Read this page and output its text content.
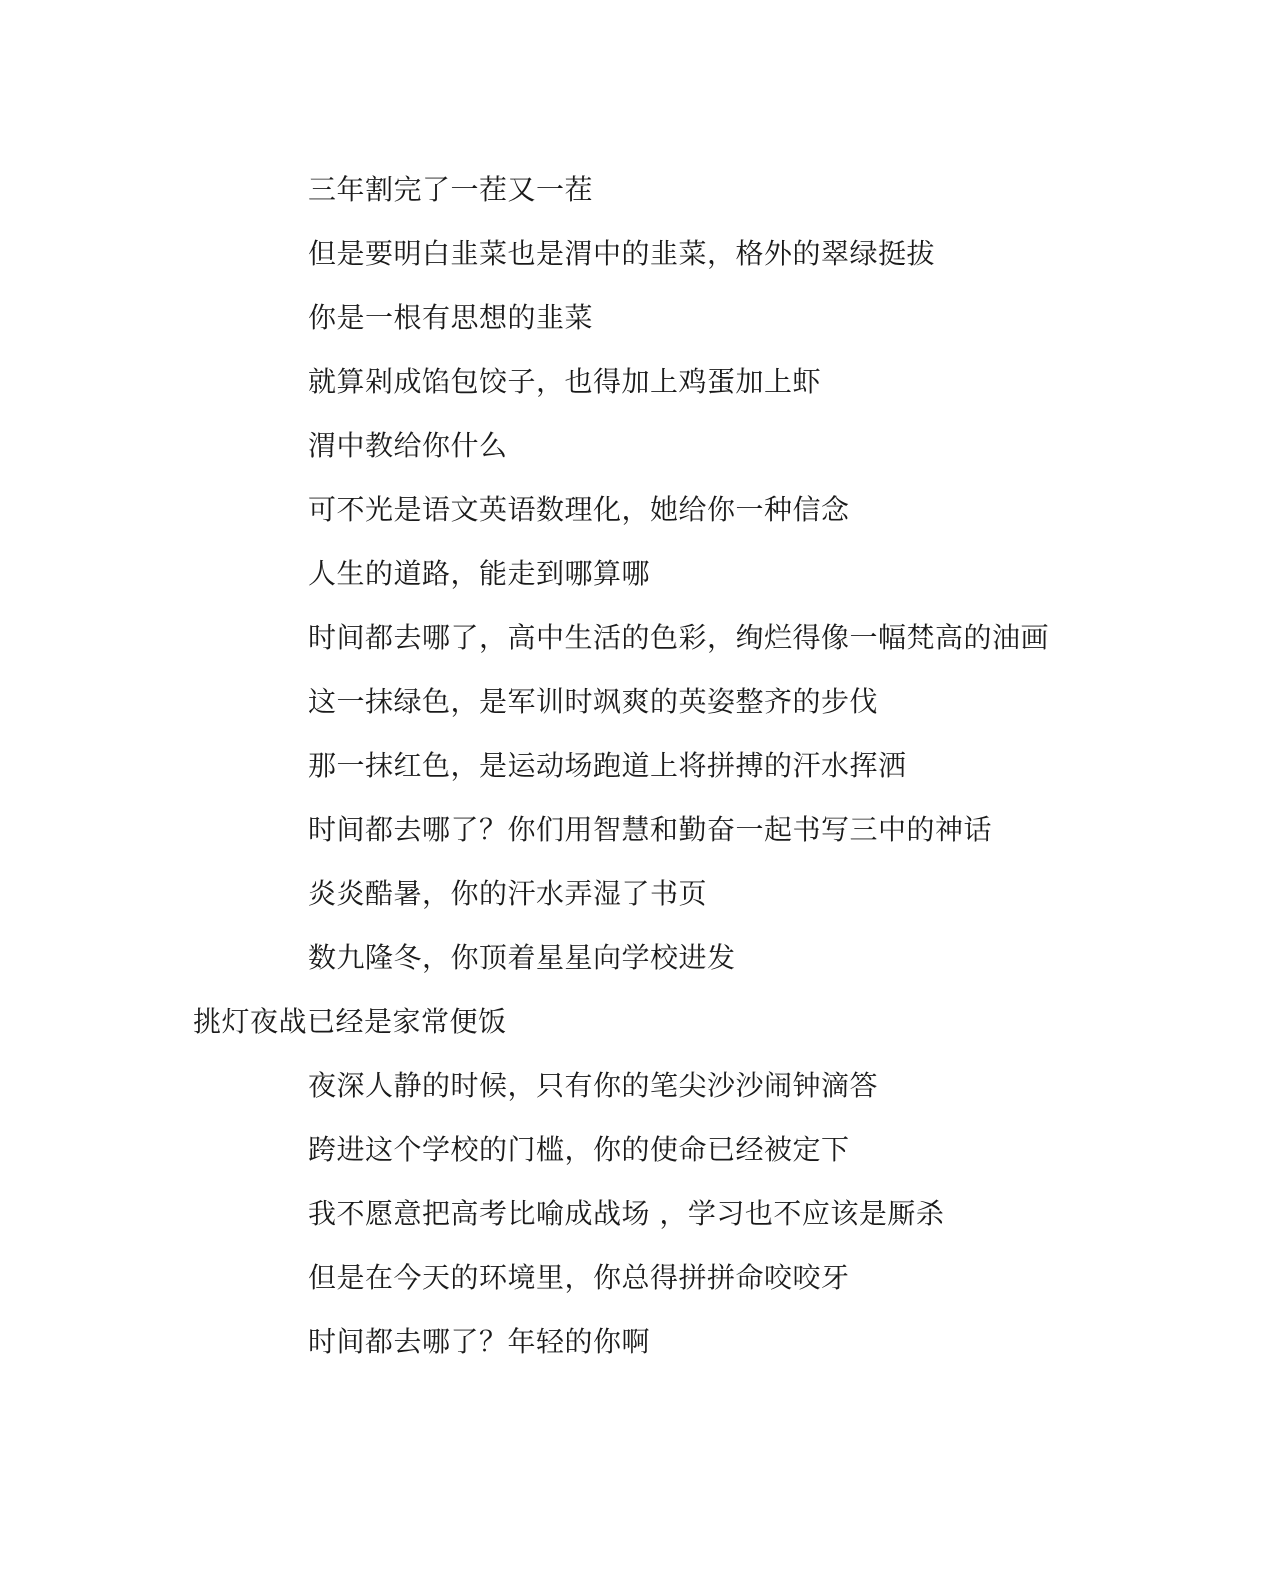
三年割完了一茬又一茬
但是要明白韭菜也是渭中的韭菜，格外的翠绿挺拔
你是一根有思想的韭菜
就算剁成馅包饺子，也得加上鸡蛋加上虾
渭中教给你什么
可不光是语文英语数理化，她给你一种信念
人生的道路，能走到哪算哪
时间都去哪了，高中生活的色彩，绚烂得像一幅梵高的油画
这一抹绿色，是军训时飒爽的英姿整齐的步伐
那一抹红色，是运动场跑道上将拼搏的汗水挥洒
时间都去哪了？你们用智慧和勤奋一起书写三中的神话
炎炎酷暑，你的汗水弄湿了书页
数九隆冬，你顶着星星向学校进发
挑灯夜战已经是家常便饭
夜深人静的时候，只有你的笔尖沙沙闹钟滴答
跨进这个学校的门槛，你的使命已经被定下
我不愿意把高考比喻成战场 ，学习也不应该是厮杀
但是在今天的环境里，你总得拼拼命咬咬牙
时间都去哪了？年轻的你啊
